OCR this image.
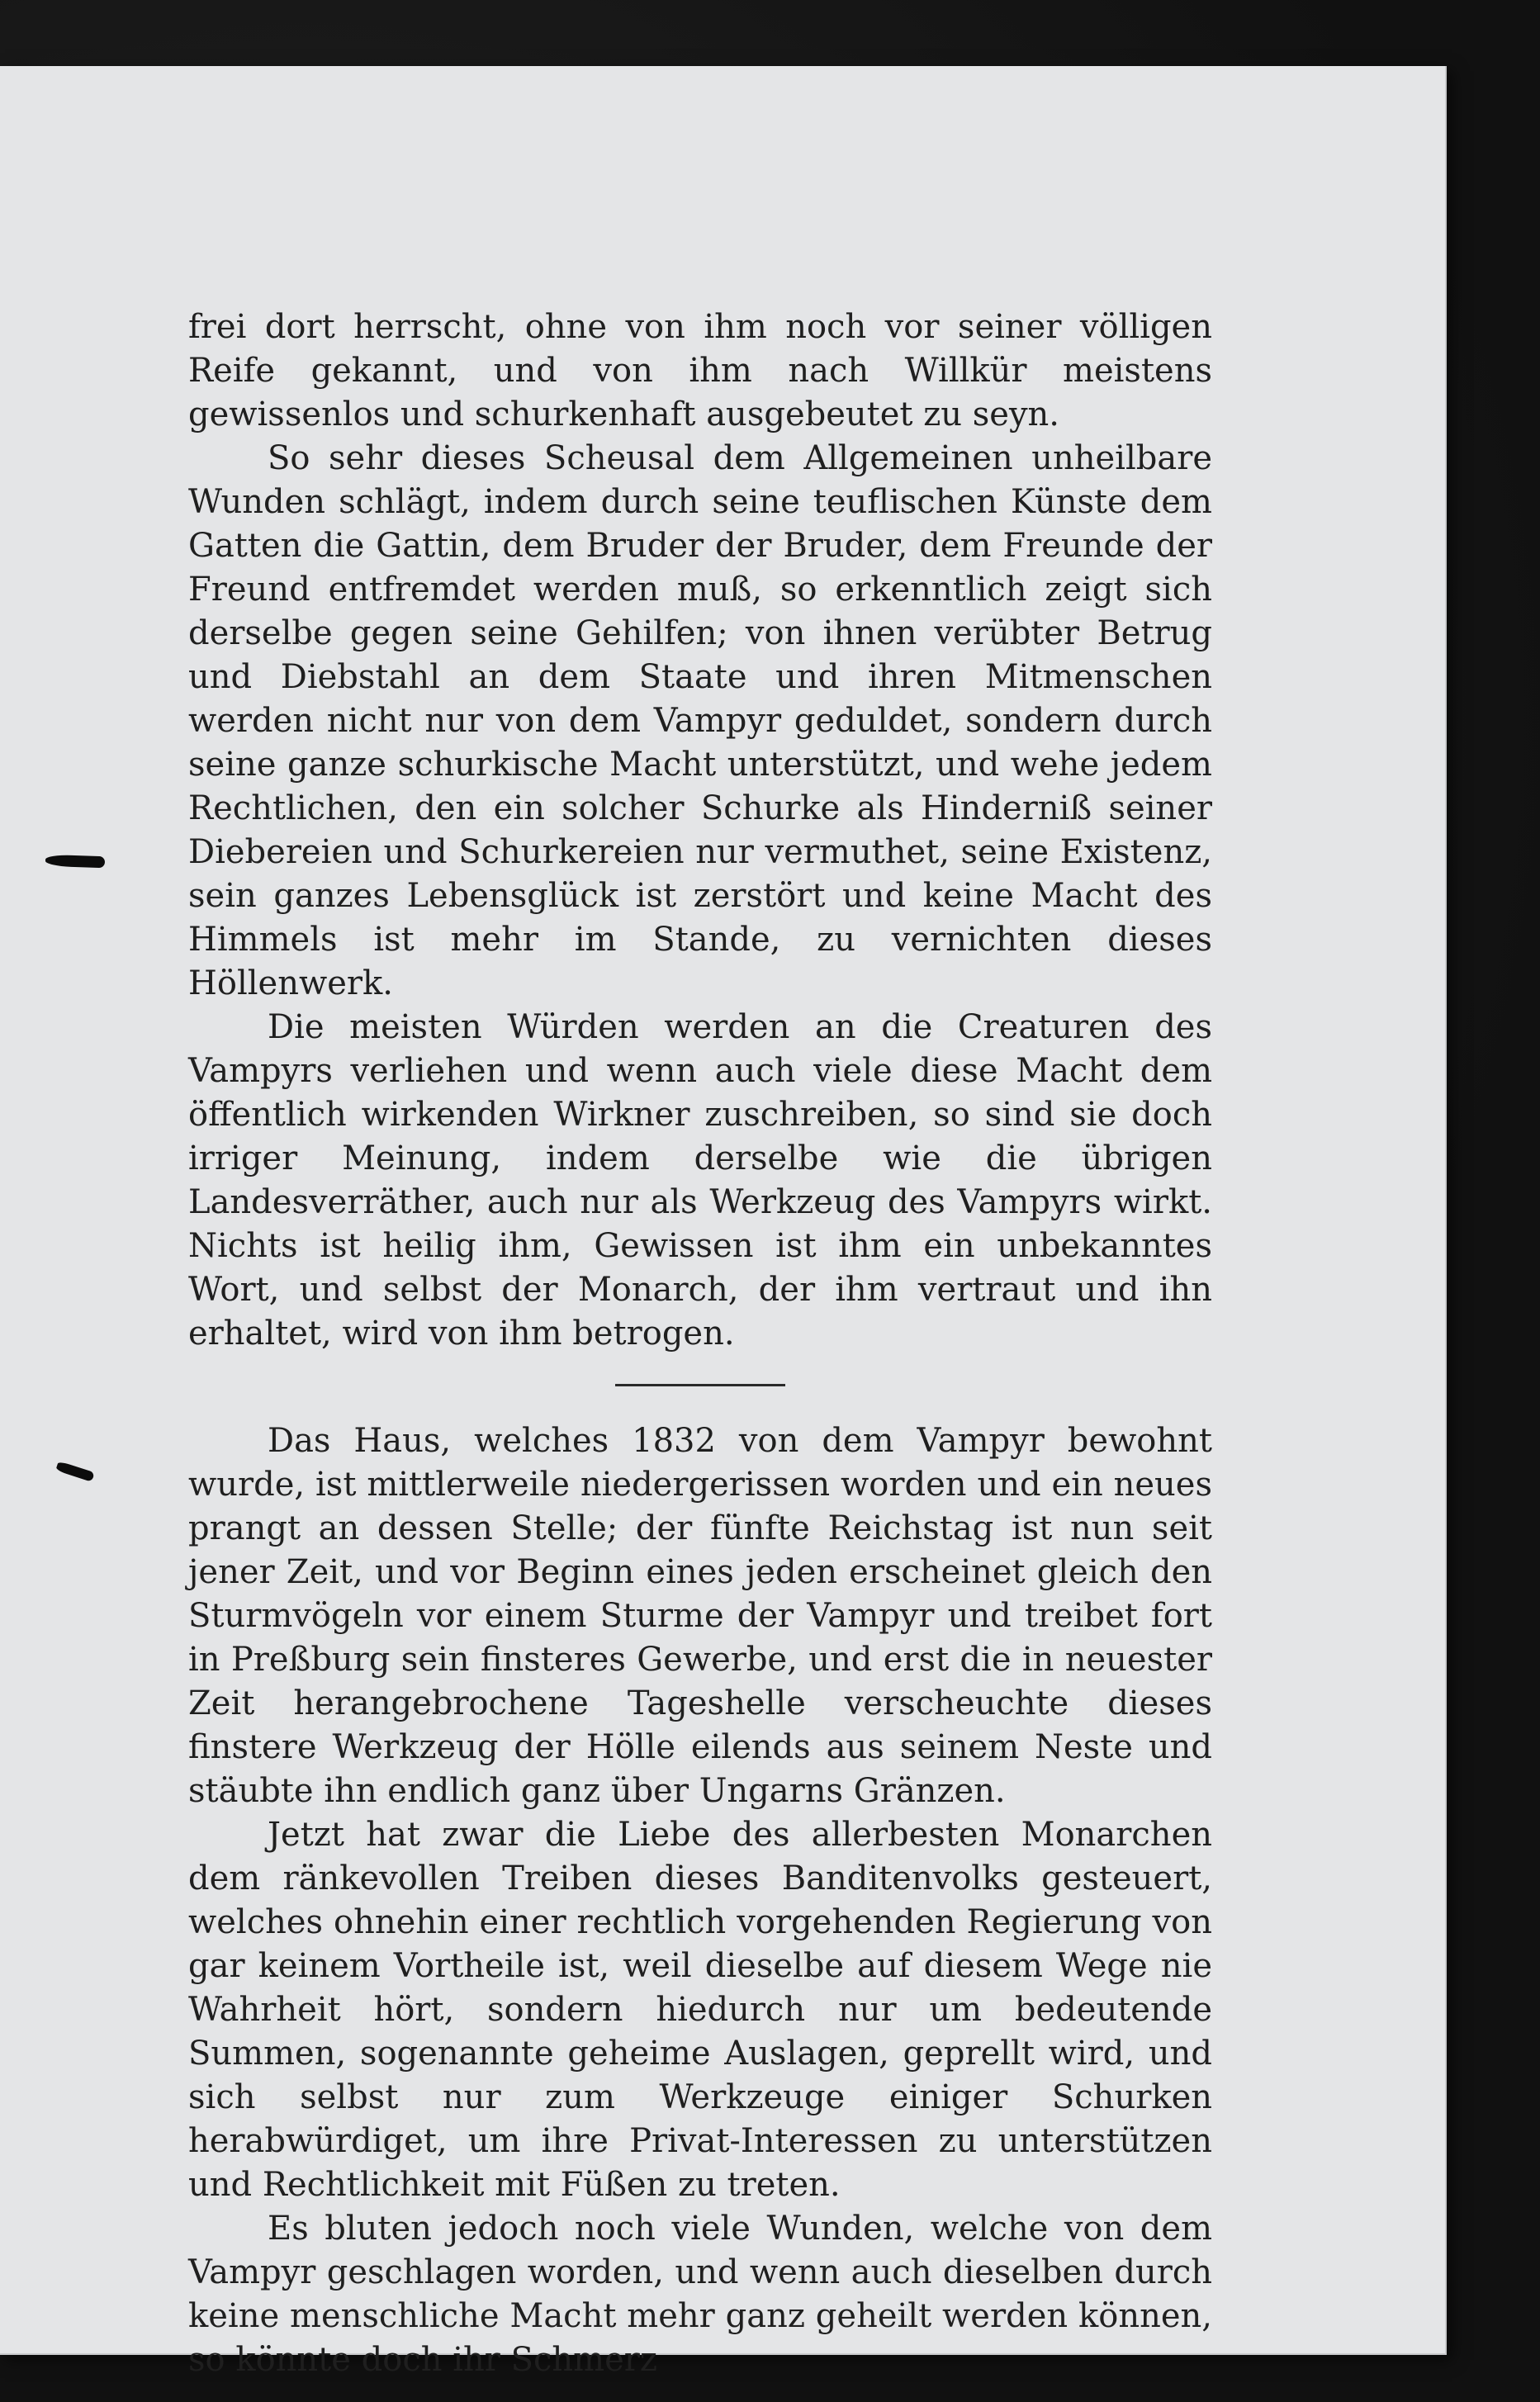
frei dort herrscht, ohne von ihm noch vor seiner völligen Reife gekannt, und von ihm nach Willkür meistens gewissenlos und schurkenhaft ausgebeutet zu seyn.

So sehr dieses Scheusal dem Allgemeinen unheilbare Wunden schlägt, indem durch seine teuflischen Künste dem Gatten die Gattin, dem Bruder der Bruder, dem Freunde der Freund entfremdet werden muß, so erkenntlich zeigt sich derselbe gegen seine Gehilfen; von ihnen verübter Betrug und Diebstahl an dem Staate und ihren Mitmenschen werden nicht nur von dem Vampyr geduldet, sondern durch seine ganze schurkische Macht unterstützt, und wehe jedem Rechtlichen, den ein solcher Schurke als Hinderniß seiner Diebereien und Schurkereien nur vermuthet, seine Existenz, sein ganzes Lebensglück ist zerstört und keine Macht des Himmels ist mehr im Stande, zu vernichten dieses Höllenwerk.

Die meisten Würden werden an die Creaturen des Vampyrs verliehen und wenn auch viele diese Macht dem öffentlich wirkenden Wirkner zuschreiben, so sind sie doch irriger Meinung, indem derselbe wie die übrigen Landesverräther, auch nur als Werkzeug des Vampyrs wirkt. Nichts ist heilig ihm, Gewissen ist ihm ein unbekanntes Wort, und selbst der Monarch, der ihm vertraut und ihn erhaltet, wird von ihm betrogen.

Das Haus, welches 1832 von dem Vampyr bewohnt wurde, ist mittlerweile niedergerissen worden und ein neues prangt an dessen Stelle; der fünfte Reichstag ist nun seit jener Zeit, und vor Beginn eines jeden erscheinet gleich den Sturmvögeln vor einem Sturme der Vampyr und treibet fort in Preßburg sein finsteres Gewerbe, und erst die in neuester Zeit herangebrochene Tageshelle verscheuchte dieses finstere Werkzeug der Hölle eilends aus seinem Neste und stäubte ihn endlich ganz über Ungarns Gränzen.

Jetzt hat zwar die Liebe des allerbesten Monarchen dem ränkevollen Treiben dieses Banditenvolks gesteuert, welches ohnehin einer rechtlich vorgehenden Regierung von gar keinem Vortheile ist, weil dieselbe auf diesem Wege nie Wahrheit hört, sondern hiedurch nur um bedeutende Summen, sogenannte geheime Auslagen, geprellt wird, und sich selbst nur zum Werkzeuge einiger Schurken herabwürdiget, um ihre Privat-Interessen zu unterstützen und Rechtlichkeit mit Füßen zu treten.

Es bluten jedoch noch viele Wunden, welche von dem Vampyr geschlagen worden, und wenn auch dieselben durch keine menschliche Macht mehr ganz geheilt werden können, so könnte doch ihr Schmerz
